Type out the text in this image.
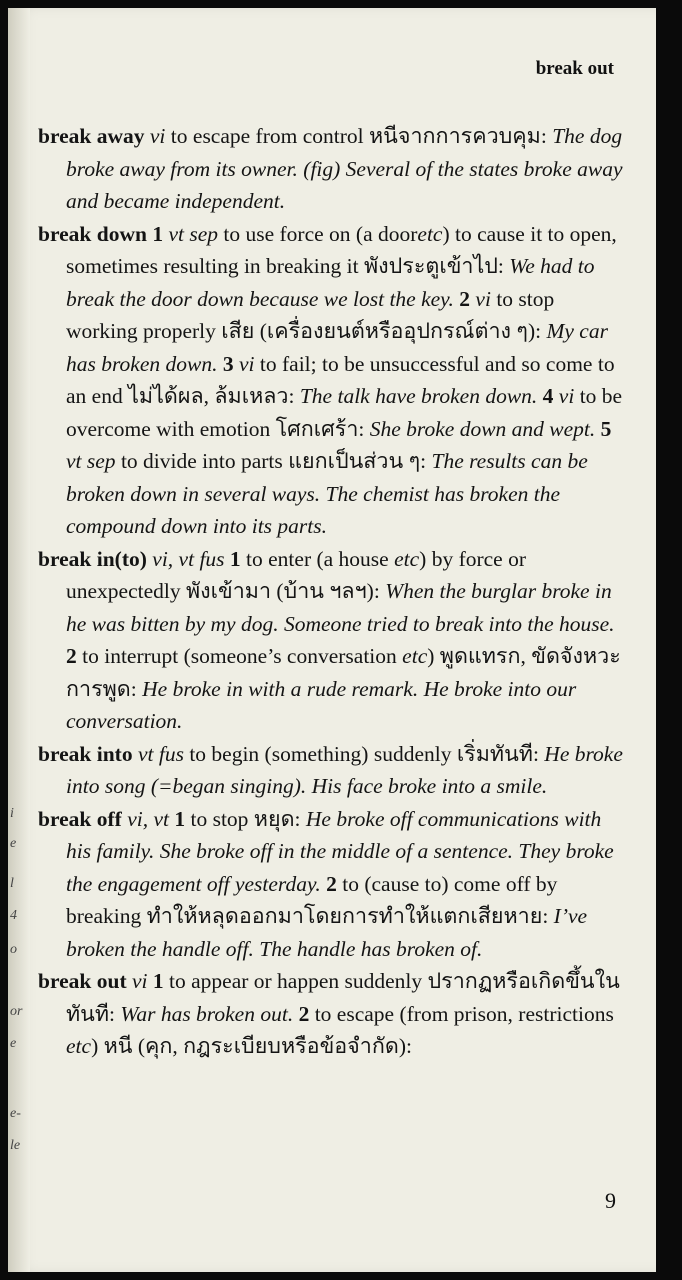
i
e
l
4
o
or
e
e-
le
break out

break away vi to escape from control หนีจากการควบคุม: The dog broke away from its owner. (fig) Several of the states broke away and became independent.

break down 1 vt sep to use force on (a dooretc) to cause it to open, sometimes resulting in breaking it พังประตูเข้าไป: We had to break the door down because we lost the key. 2 vi to stop working properly เสีย (เครื่องยนต์หรืออุปกรณ์ต่าง ๆ): My car has broken down. 3 vi to fail; to be unsuccessful and so come to an end ไม่ได้ผล, ล้มเหลว: The talk have broken down. 4 vi to be overcome with emotion โศกเศร้า: She broke down and wept. 5 vt sep to divide into parts แยกเป็นส่วน ๆ: The results can be broken down in several ways. The chemist has broken the compound down into its parts.

break in(to) vi, vt fus 1 to enter (a house etc) by force or unexpectedly พังเข้ามา (บ้าน ฯลฯ): When the burglar broke in he was bitten by my dog. Someone tried to break into the house. 2 to interrupt (someone’s conversation etc) พูดแทรก, ขัดจังหวะการพูด: He broke in with a rude remark. He broke into our conversation.

break into vt fus to begin (something) suddenly เริ่มทันที: He broke into song (=began singing). His face broke into a smile.

break off vi, vt 1 to stop หยุด: He broke off communications with his family. She broke off in the middle of a sentence. They broke the engagement off yesterday. 2 to (cause to) come off by breaking ทำให้หลุดออกมาโดยการทำให้แตกเสียหาย: I’ve broken the handle off. The handle has broken of.

break out vi 1 to appear or happen suddenly ปรากฏหรือเกิดขึ้นในทันที: War has broken out. 2 to escape (from prison, restrictions etc) หนี (คุก, กฎระเบียบหรือข้อจำกัด):

9
